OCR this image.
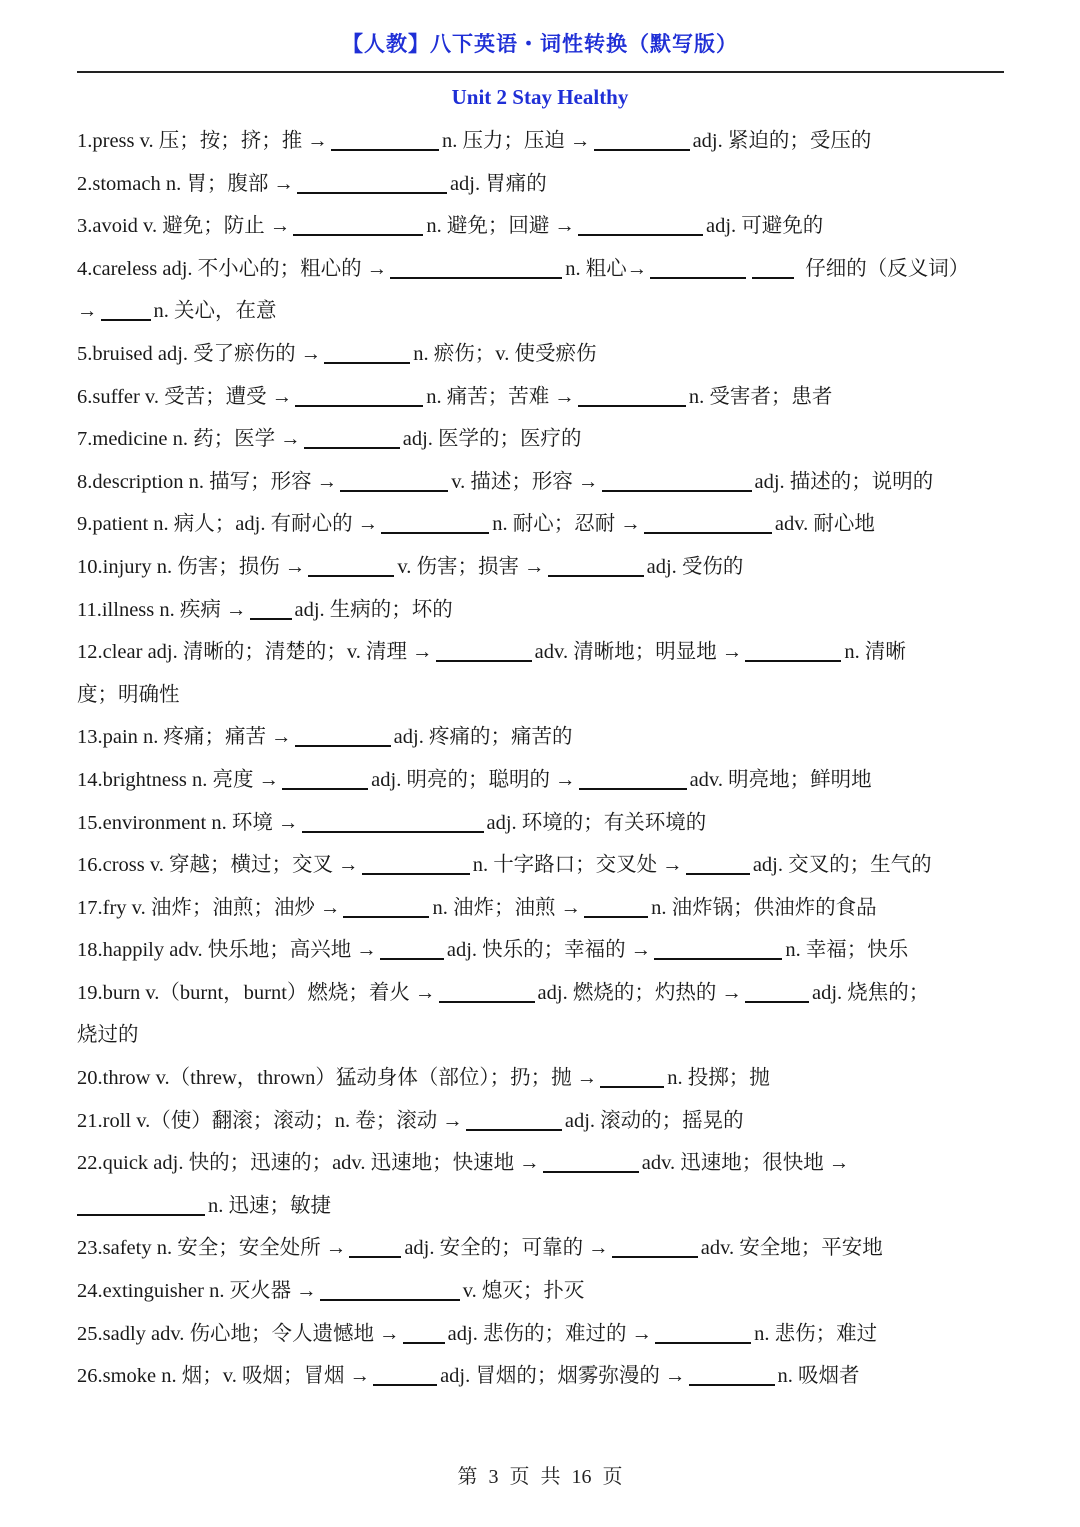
【人教】八下英语・词性转换（默写版）
Unit 2 Stay Healthy
1.press v. 压；按；挤；推 →	n. 压力；压迫 →	adj. 紧迫的；受压的
2.stomach n. 胃；腹部 →	adj. 胃痛的
3.avoid v. 避免；防止 →	n. 避免；回避 →	adj. 可避免的
4.careless adj. 不小心的；粗心的 →	n. 粗心→	仔细的（反义词）
→	n. 关心，在意
5.bruised adj. 受了瘀伤的 →	n. 瘀伤；v. 使受瘀伤
6.suffer v. 受苦；遭受 →	n. 痛苦；苦难 →	n. 受害者；患者
7.medicine n. 药；医学 →	adj. 医学的；医疗的
8.description n. 描写；形容 →	v. 描述；形容 →	adj. 描述的；说明的
9.patient n. 病人；adj. 有耐心的 →	n. 耐心；忍耐 →	adv. 耐心地
10.injury n. 伤害；损伤 →	v. 伤害；损害 →	adj. 受伤的
11.illness n. 疾病 → adj. 生病的；坏的
12.clear adj. 清晰的；清楚的；v. 清理 →	adv. 清晰地；明显地 →	n. 清晰
度；明确性
13.pain n. 疼痛；痛苦 →	adj. 疼痛的；痛苦的
14.brightness n. 亮度 →	adj. 明亮的；聪明的 →	adv. 明亮地；鲜明地
15.environment n. 环境 →	adj. 环境的；有关环境的
16.cross v. 穿越；横过；交叉 →	n. 十字路口；交叉处 →	adj. 交叉的；生气的
17.fry v. 油炸；油煎；油炒 →	n. 油炸；油煎 →	n. 油炸锅；供油炸的食品
18.happily adv. 快乐地；高兴地 →	adj. 快乐的；幸福的 →	n. 幸福；快乐
19.burn v.（burnt，burnt）燃烧；着火 →	adj. 燃烧的；灼热的 →	adj. 烧焦的；
烧过的
20.throw v.（threw，thrown）猛动身体（部位）；扔；抛 →	n. 投掷；抛
21.roll v.（使）翻滚；滚动；n. 卷；滚动 →	adj. 滚动的；摇晃的
22.quick adj. 快的；迅速的；adv. 迅速地；快速地 →	adv. 迅速地；很快地 →
n. 迅速；敏捷
23.safety n. 安全；安全处所 →	adj. 安全的；可靠的 →	adv. 安全地；平安地
24.extinguisher n. 灭火器 →	v. 熄灭；扑灭
25.sadly adv. 伤心地；令人遗憾地 → adj. 悲伤的；难过的 →	n. 悲伤；难过
26.smoke n. 烟；v. 吸烟；冒烟 →	adj. 冒烟的；烟雾弥漫的 →	n. 吸烟者
第 3 页 共 16 页
